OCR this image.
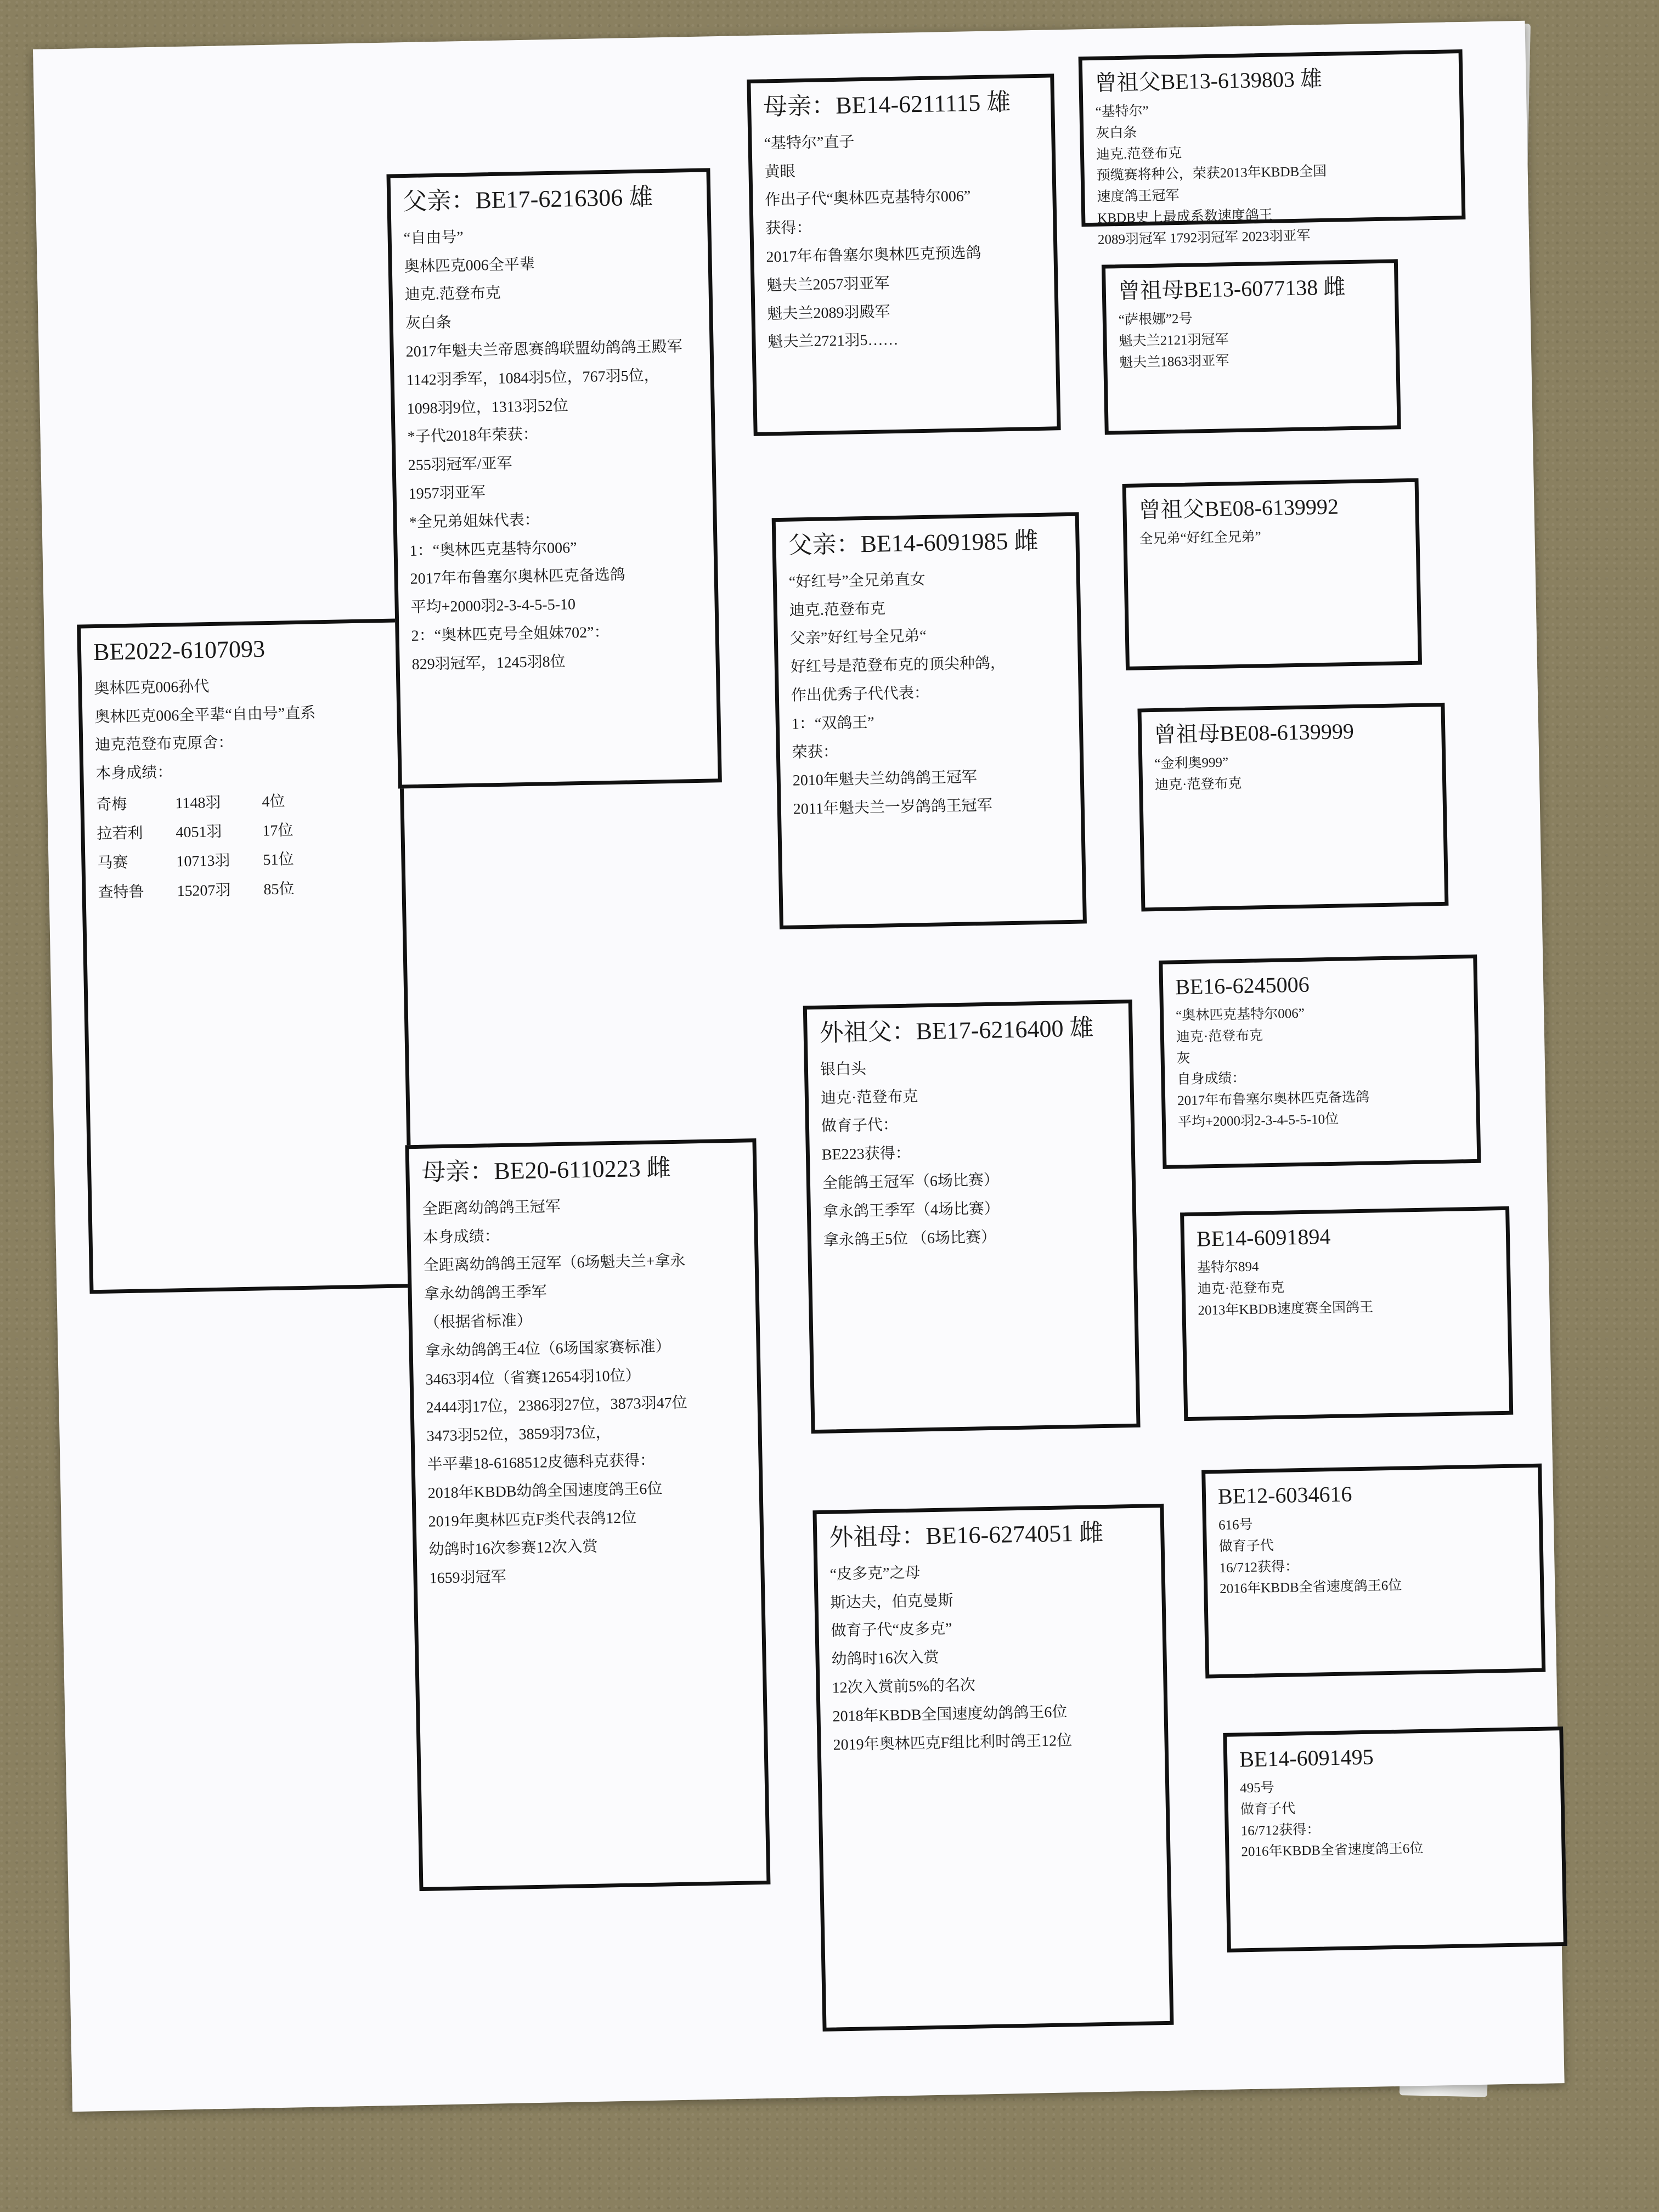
BE2022-6107093
奥林匹克006孙代
奥林匹克006全平辈“自由号”直系
迪克范登布克原舍：
本身成绩：
奇梅	1148羽	4位
拉若利	4051羽	17位
马赛	10713羽	51位
查特鲁	15207羽	85位
父亲：BE17-6216306 雄
“自由号”
奥林匹克006全平辈
迪克.范登布克
灰白条
2017年魁夫兰帝恩赛鸽联盟幼鸽鸽王殿军
1142羽季军，1084羽5位，767羽5位，
1098羽9位，1313羽52位
*子代2018年荣获：
255羽冠军/亚军
1957羽亚军
*全兄弟姐妹代表：
1：“奥林匹克基特尔006”
2017年布鲁塞尔奥林匹克备选鸽
平均+2000羽2-3-4-5-5-10
2：“奥林匹克号全姐妹702”：
829羽冠军，1245羽8位
母亲：BE20-6110223 雌
全距离幼鸽鸽王冠军
本身成绩：
全距离幼鸽鸽王冠军（6场魁夫兰+拿永
拿永幼鸽鸽王季军
（根据省标准）
拿永幼鸽鸽王4位（6场国家赛标准）
3463羽4位（省赛12654羽10位）
2444羽17位，2386羽27位，3873羽47位
3473羽52位，3859羽73位，
半平辈18-6168512皮德科克获得：
2018年KBDB幼鸽全国速度鸽王6位
2019年奥林匹克F类代表鸽12位
幼鸽时16次参赛12次入赏
1659羽冠军
母亲：BE14-6211115 雄
“基特尔”直子
黄眼
作出子代“奥林匹克基特尔006”
获得：
2017年布鲁塞尔奥林匹克预选鸽
魁夫兰2057羽亚军
魁夫兰2089羽殿军
魁夫兰2721羽5……
父亲：BE14-6091985 雌
“好红号”全兄弟直女
迪克.范登布克
父亲”好红号全兄弟“
好红号是范登布克的顶尖种鸽，
作出优秀子代代表：
1：“双鸽王”
荣获：
2010年魁夫兰幼鸽鸽王冠军
2011年魁夫兰一岁鸽鸽王冠军
外祖父：BE17-6216400 雄
银白头
迪克·范登布克
做育子代：
BE223获得：
全能鸽王冠军（6场比赛）
拿永鸽王季军（4场比赛）
拿永鸽王5位 （6场比赛）
外祖母：BE16-6274051 雌
“皮多克”之母
斯达夫，伯克曼斯
做育子代“皮多克”
幼鸽时16次入赏
12次入赏前5%的名次
2018年KBDB全国速度幼鸽鸽王6位
2019年奥林匹克F组比利时鸽王12位
曾祖父BE13-6139803 雄
“基特尔”
灰白条
迪克.范登布克
预缆赛将种公，荣获2013年KBDB全国
速度鸽王冠军
KBDB史上最成系数速度鸽王
2089羽冠军 1792羽冠军 2023羽亚军
曾祖母BE13-6077138 雌
“萨根娜”2号
魁夫兰2121羽冠军
魁夫兰1863羽亚军
曾祖父BE08-6139992
全兄弟“好红全兄弟”
曾祖母BE08-6139999
“金利奥999”
迪克·范登布克
BE16-6245006
“奥林匹克基特尔006”
迪克·范登布克
灰
自身成绩：
2017年布鲁塞尔奥林匹克备选鸽
平均+2000羽2-3-4-5-5-10位
BE14-6091894
基特尔894
迪克·范登布克
2013年KBDB速度赛全国鸽王
BE12-6034616
616号
做育子代
16/712获得：
2016年KBDB全省速度鸽王6位
BE14-6091495
495号
做育子代
16/712获得：
2016年KBDB全省速度鸽王6位
